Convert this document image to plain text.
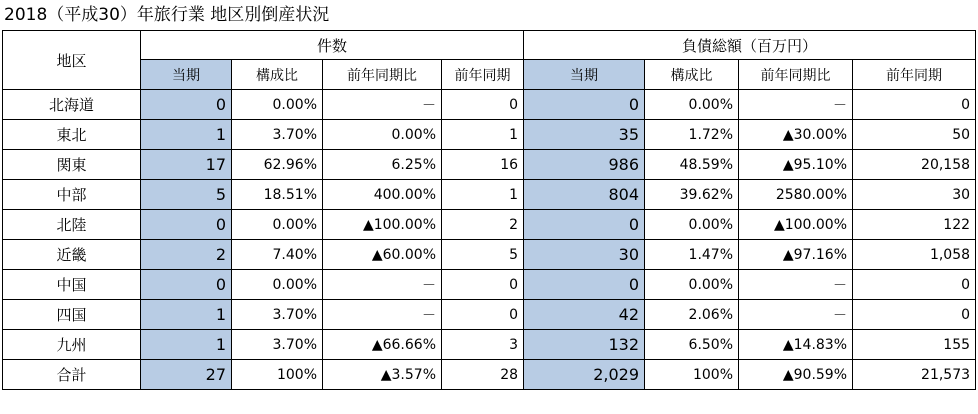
2018（平成30）年旅行業 地区別倒産状況
地区	件数				負債総額（百万円）			
	当期	構成比	前年同期比	前年同期	当期	構成比	前年同期比	前年同期
北海道	0	0.00%	－	0	0	0.00%	－	0
東北	1	3.70%	0.00%	1	35	1.72%	▲30.00%	50
関東	17	62.96%	6.25%	16	986	48.59%	▲95.10%	20,158
中部	5	18.51%	400.00%	1	804	39.62%	2580.00%	30
北陸	0	0.00%	▲100.00%	2	0	0.00%	▲100.00%	122
近畿	2	7.40%	▲60.00%	5	30	1.47%	▲97.16%	1,058
中国	0	0.00%	－	0	0	0.00%	－	0
四国	1	3.70%	－	0	42	2.06%	－	0
九州	1	3.70%	▲66.66%	3	132	6.50%	▲14.83%	155
合計	27	100%	▲3.57%	28	2,029	100%	▲90.59%	21,573
